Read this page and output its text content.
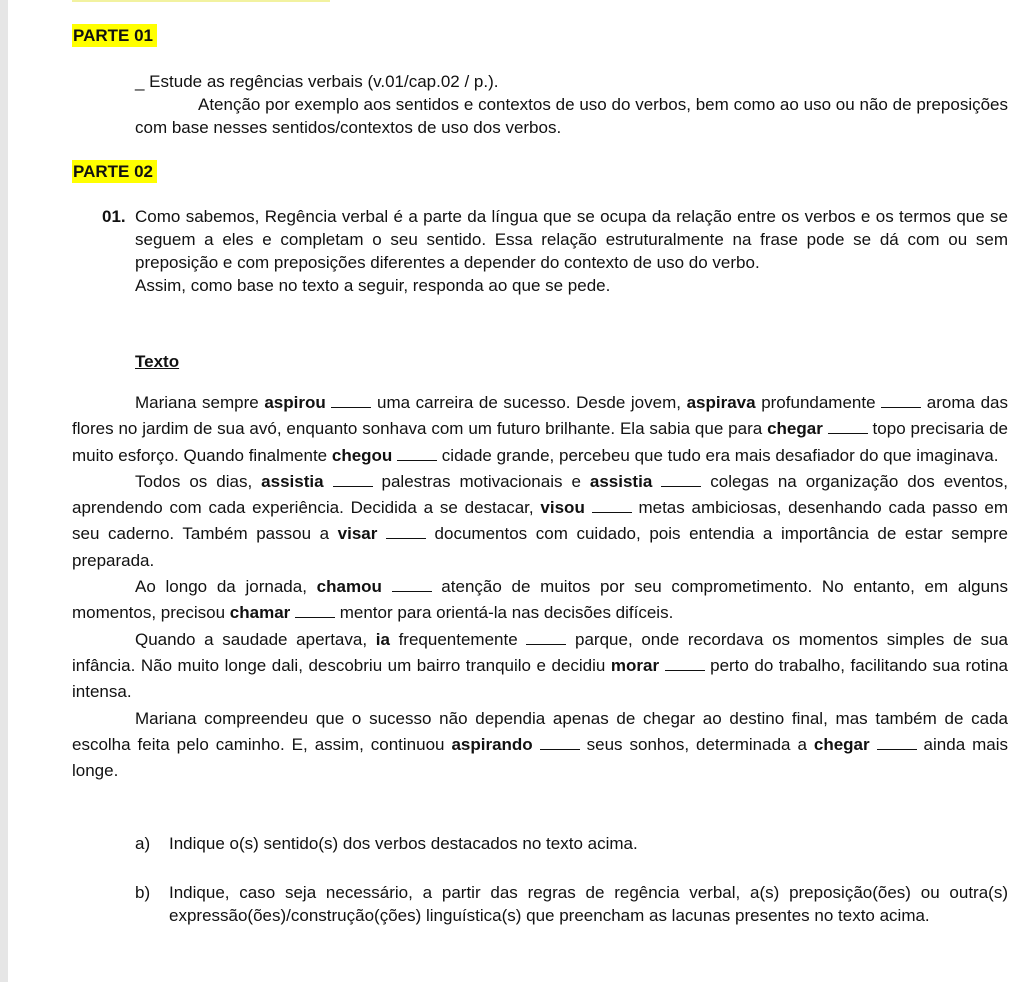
PARTE 01
_ Estude as regências verbais (v.01/cap.02 / p.).
Atenção por exemplo aos sentidos e contextos de uso do verbos, bem como ao uso ou não de preposições com base nesses sentidos/contextos de uso dos verbos.
PARTE 02
01. Como sabemos, Regência verbal é a parte da língua que se ocupa da relação entre os verbos e os termos que se seguem a eles e completam o seu sentido. Essa relação estruturalmente na frase pode se dá com ou sem preposição e com preposições diferentes a depender do contexto de uso do verbo.
Assim, como base no texto a seguir, responda ao que se pede.
Texto

Mariana sempre aspirou	uma carreira de sucesso. Desde jovem, aspirava profundamente  aroma das flores no jardim de sua avó, enquanto sonhava com um futuro brilhante. Ela sabia que para chegar	topo precisaria de muito esforço. Quando finalmente chegou	cidade grande, percebeu que tudo era mais desafiador do que imaginava.

Todos os dias, assistia	palestras motivacionais e assistia	colegas na organização dos eventos, aprendendo com cada experiência. Decidida a se destacar, visou	metas ambiciosas, desenhando cada passo em seu caderno. Também passou a visar	documentos com cuidado, pois entendia a importância de estar sempre preparada.

Ao longo da jornada, chamou	atenção de muitos por seu comprometimento. No entanto, em alguns momentos, precisou chamar	mentor para orientá-la nas decisões difíceis.

Quando a saudade apertava, ia frequentemente  parque, onde recordava os momentos simples de sua infância. Não muito longe dali, descobriu um bairro tranquilo e decidiu morar	perto do trabalho, facilitando sua rotina intensa.

Mariana compreendeu que o sucesso não dependia apenas de chegar ao destino final, mas também de cada escolha feita pelo caminho. E, assim, continuou aspirando	seus sonhos, determinada a chegar	ainda mais longe.

a)	Indique o(s) sentido(s) dos verbos destacados no texto acima.
b)	Indique, caso seja necessário, a partir das regras de regência verbal, a(s) preposição(ões) ou outra(s) expressão(ões)/construção(ções) linguística(s) que preencham as lacunas presentes no texto acima.
